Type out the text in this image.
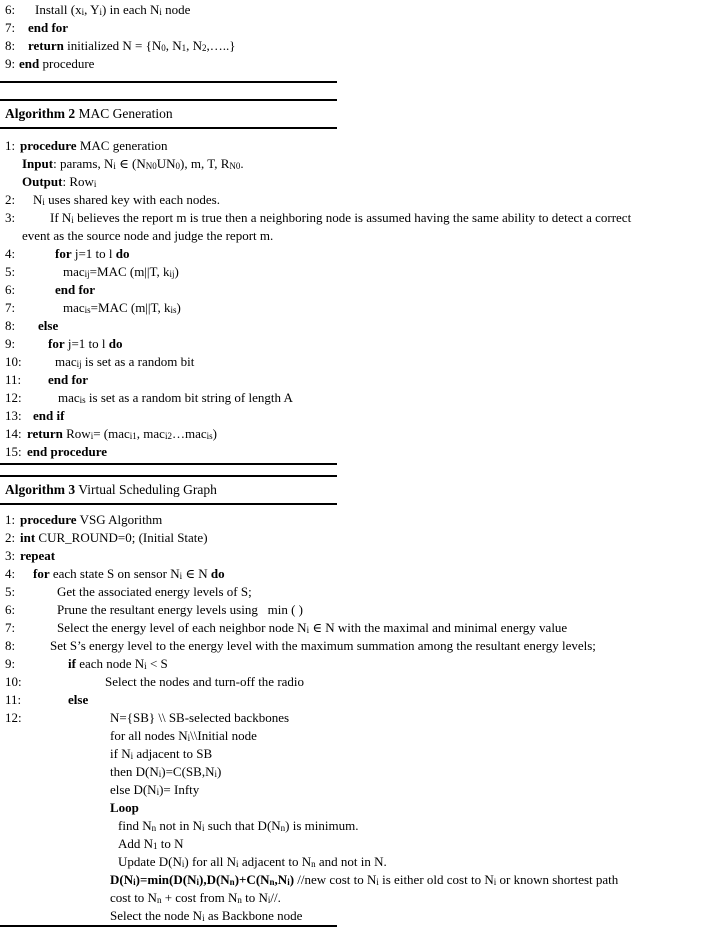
6: Install (xi, Yi) in each Ni node
7: end for
8: return initialized N = {N0, N1, N2,…..}
9: end procedure
Algorithm 2 MAC Generation
1: procedure MAC generation
Input: params, Ni ∈ (NN0UN0), m, T, RN0.
Output: Rowi
2: Ni uses shared key with each nodes.
3:	If Ni believes the report m is true then a neighboring node is assumed having the same ability to detect a correct
event as the source node and judge the report m.
4:	for j=1 to l do
5:	macij=MAC (m||T, kij)
6:	end for
7:	macis=MAC (m||T, kis)
8: else
9:	for j=1 to l do
10:	macij is set as a random bit
11: end for
12:	macis is set as a random bit string of length A
13: end if
14: return Rowi= (maci1, maci2…macis)
15: end procedure
Algorithm 3 Virtual Scheduling Graph
1: procedure VSG Algorithm
2: int CUR_ROUND=0; (Initial State)
3: repeat
4: for each state S on sensor Ni ∈ N do
5:	Get the associated energy levels of S;
6:	Prune the resultant energy levels using   min ( )
7:	Select the energy level of each neighbor node Ni ∈ N with the maximal and minimal energy value
8:	Set S’s energy level to the energy level with the maximum summation among the resultant energy levels;
9:	if each node Ni < S
10:	Select the nodes and turn-off the radio
11:	else
12:	N={SB} \\ SB-selected backbones
for all nodes Ni\\Initial node
if Ni adjacent to SB
then D(Ni)=C(SB,Ni)
else D(Ni)= Infty
Loop
find Nn not in Ni such that D(Nn) is minimum.
Add N1 to N
Update D(Ni) for all Ni adjacent to Nn and not in N.
D(Ni)=min(D(Ni),D(Nn)+C(Nn,Ni) //new cost to Ni is either old cost to Ni or known shortest path
cost to Nn + cost from Nn to Ni//.
Select the node Ni as Backbone node
